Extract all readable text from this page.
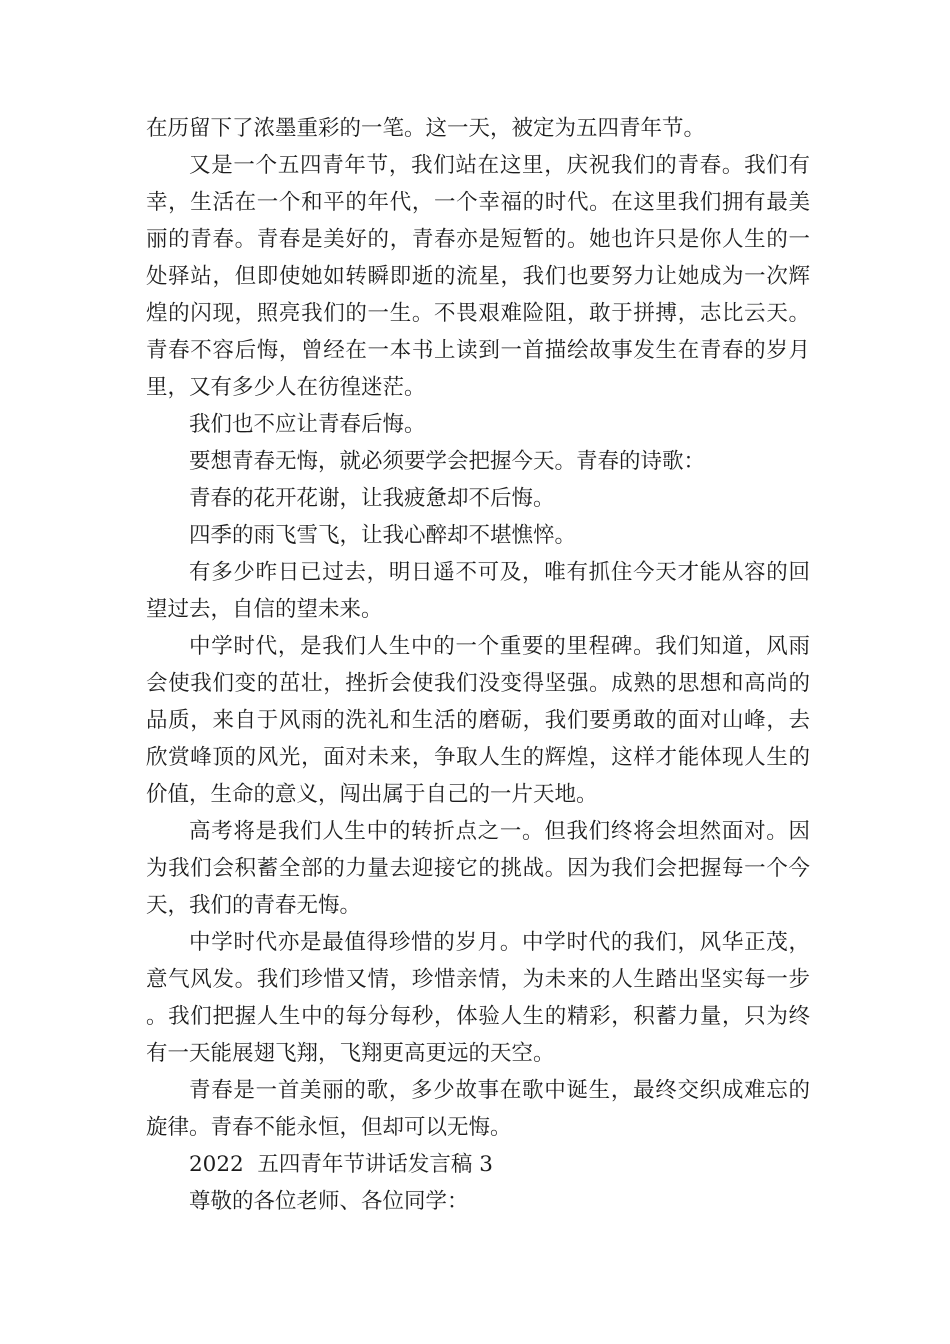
在历留下了浓墨重彩的一笔。这一天，被定为五四青年节。

又是一个五四青年节，我们站在这里，庆祝我们的青春。我们有幸，生活在一个和平的年代，一个幸福的时代。在这里我们拥有最美丽的青春。青春是美好的，青春亦是短暂的。她也许只是你人生的一处驿站，但即使她如转瞬即逝的流星，我们也要努力让她成为一次辉煌的闪现，照亮我们的一生。不畏艰难险阻，敢于拼搏，志比云天。青春不容后悔，曾经在一本书上读到一首描绘故事发生在青春的岁月里，又有多少人在彷徨迷茫。

我们也不应让青春后悔。

要想青春无悔，就必须要学会把握今天。青春的诗歌：

青春的花开花谢，让我疲惫却不后悔。

四季的雨飞雪飞，让我心醉却不堪憔悴。

有多少昨日已过去，明日遥不可及，唯有抓住今天才能从容的回望过去，自信的望未来。

中学时代，是我们人生中的一个重要的里程碑。我们知道，风雨会使我们变的茁壮，挫折会使我们没变得坚强。成熟的思想和高尚的品质，来自于风雨的洗礼和生活的磨砺，我们要勇敢的面对山峰，去欣赏峰顶的风光，面对未来，争取人生的辉煌，这样才能体现人生的价值，生命的意义，闯出属于自己的一片天地。

高考将是我们人生中的转折点之一。但我们终将会坦然面对。因为我们会积蓄全部的力量去迎接它的挑战。因为我们会把握每一个今天，我们的青春无悔。

中学时代亦是最值得珍惜的岁月。中学时代的我们，风华正茂，意气风发。我们珍惜又情，珍惜亲情，为未来的人生踏出坚实每一步。我们把握人生中的每分每秒，体验人生的精彩，积蓄力量，只为终有一天能展翅飞翔，飞翔更高更远的天空。

青春是一首美丽的歌，多少故事在歌中诞生，最终交织成难忘的旋律。青春不能永恒，但却可以无悔。

2022  五四青年节讲话发言稿 3

尊敬的各位老师、各位同学：
